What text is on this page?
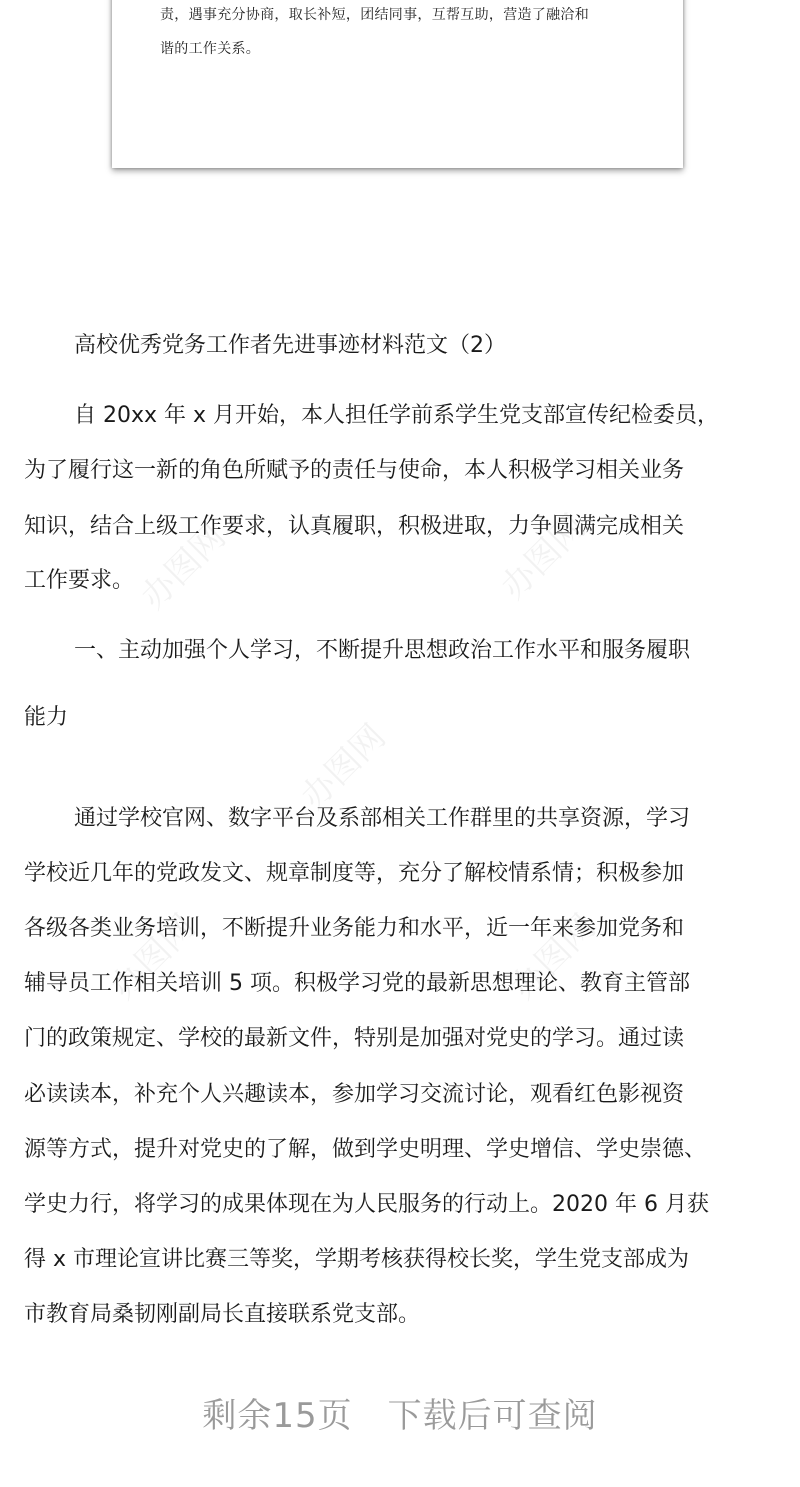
责，遇事充分协商，取长补短，团结同事，互帮互助，营造了融洽和
谐的工作关系。
办图网	办图网
办图网
办图网	办图网
高校优秀党务工作者先进事迹材料范文（2）
自 20xx 年 x 月开始，本人担任学前系学生党支部宣传纪检委员，
为了履行这一新的角色所赋予的责任与使命，本人积极学习相关业务
知识，结合上级工作要求，认真履职，积极进取，力争圆满完成相关
工作要求。
一、主动加强个人学习，不断提升思想政治工作水平和服务履职
能力
通过学校官网、数字平台及系部相关工作群里的共享资源，学习
学校近几年的党政发文、规章制度等，充分了解校情系情；积极参加
各级各类业务培训，不断提升业务能力和水平，近一年来参加党务和
辅导员工作相关培训 5 项。积极学习党的最新思想理论、教育主管部
门的政策规定、学校的最新文件，特别是加强对党史的学习。通过读
必读读本，补充个人兴趣读本，参加学习交流讨论，观看红色影视资
源等方式，提升对党史的了解，做到学史明理、学史增信、学史崇德、
学史力行，将学习的成果体现在为人民服务的行动上。2020 年 6 月获
得 x 市理论宣讲比赛三等奖，学期考核获得校长奖，学生党支部成为
市教育局桑韧刚副局长直接联系党支部。
剩余15页　下载后可查阅
